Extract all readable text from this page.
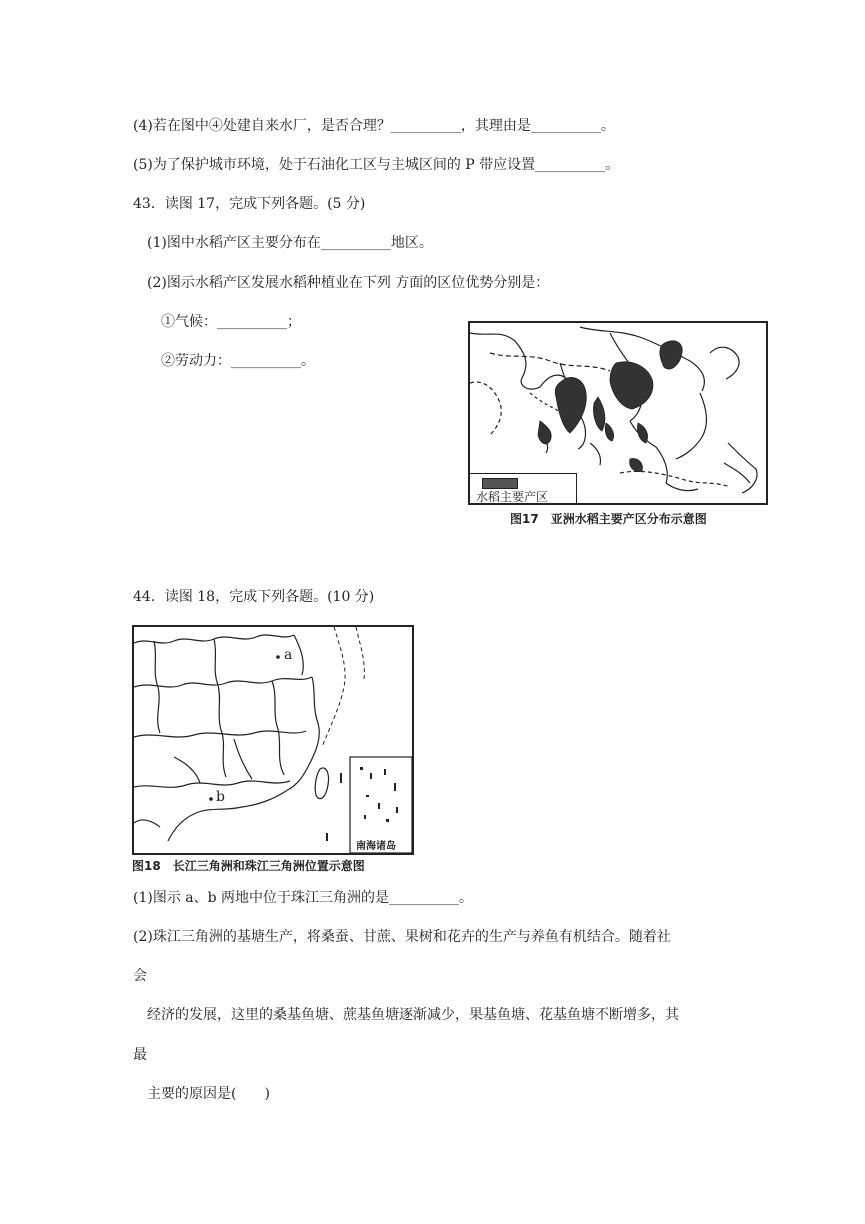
(4)若在图中④处建自来水厂，是否合理？__________，其理由是__________。
(5)为了保护城市环境，处于石油化工区与主城区间的 P 带应设置__________。
43．读图 17，完成下列各题。(5 分)
(1)图中水稻产区主要分布在__________地区。
(2)图示水稻产区发展水稻种植业在下列 方面的区位优势分别是：
①气候：__________；
②劳动力：__________。
水稻主要产区
图17　亚洲水稻主要产区分布示意图
44．读图 18，完成下列各题。(10 分)
a
b
南海诸岛
图18　长江三角洲和珠江三角洲位置示意图
(1)图示 a、b 两地中位于珠江三角洲的是__________。
(2)珠江三角洲的基塘生产，将桑蚕、甘蔗、果树和花卉的生产与养鱼有机结合。随着社
会
经济的发展，这里的桑基鱼塘、蔗基鱼塘逐渐减少，果基鱼塘、花基鱼塘不断增多，其
最
主要的原因是(　　)
